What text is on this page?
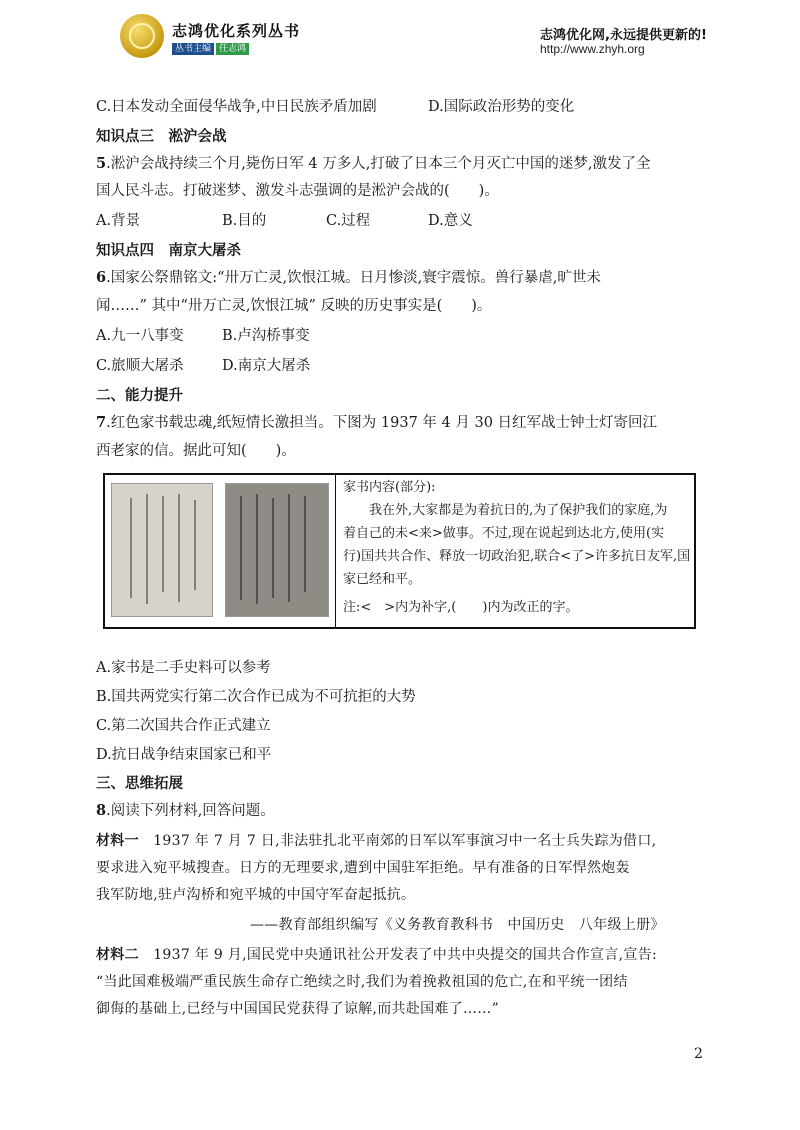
志鸿优化系列丛书
丛书主编 任志鸿
志鸿优化网,永远提供更新的!
http://www.zhyh.org
C.日本发动全面侵华战争,中日民族矛盾加剧	D.国际政治形势的变化
知识点三　淞沪会战
5.淞沪会战持续三个月,毙伤日军 4 万多人,打破了日本三个月灭亡中国的迷梦,激发了全
国人民斗志。打破迷梦、激发斗志强调的是淞沪会战的(　　)。
A.背景	B.目的	C.过程	D.意义
知识点四　南京大屠杀
6.国家公祭鼎铭文:“卅万亡灵,饮恨江城。日月惨淡,寰宇震惊。兽行暴虐,旷世未
闻……” 其中“卅万亡灵,饮恨江城” 反映的历史事实是(　　)。
A.九一八事变	B.卢沟桥事变
C.旅顺大屠杀	D.南京大屠杀
二、能力提升
7.红色家书载忠魂,纸短情长激担当。下图为 1937 年 4 月 30 日红军战士钟士灯寄回江
西老家的信。据此可知(　　)。
家书内容(部分):
　　我在外,大家都是为着抗日的,为了保护我们的家庭,为
着自己的未<来>做事。不过,现在说起到达北方,使用(实
行)国共共合作、释放一切政治犯,联合<了>许多抗日友军,国
家已经和平。
注:<　>内为补字,(　　)内为改正的字。
A.家书是二手史料可以参考
B.国共两党实行第二次合作已成为不可抗拒的大势
C.第二次国共合作正式建立
D.抗日战争结束国家已和平
三、思维拓展
8.阅读下列材料,回答问题。
材料一　1937 年 7 月 7 日,非法驻扎北平南郊的日军以军事演习中一名士兵失踪为借口,
要求进入宛平城搜查。日方的无理要求,遭到中国驻军拒绝。早有准备的日军悍然炮轰
我军防地,驻卢沟桥和宛平城的中国守军奋起抵抗。
——教育部组织编写《义务教育教科书　中国历史　八年级上册》
材料二　1937 年 9 月,国民党中央通讯社公开发表了中共中央提交的国共合作宣言,宣告:
“当此国难极端严重民族生命存亡绝续之时,我们为着挽救祖国的危亡,在和平统一团结
御侮的基础上,已经与中国国民党获得了谅解,而共赴国难了……”
2
